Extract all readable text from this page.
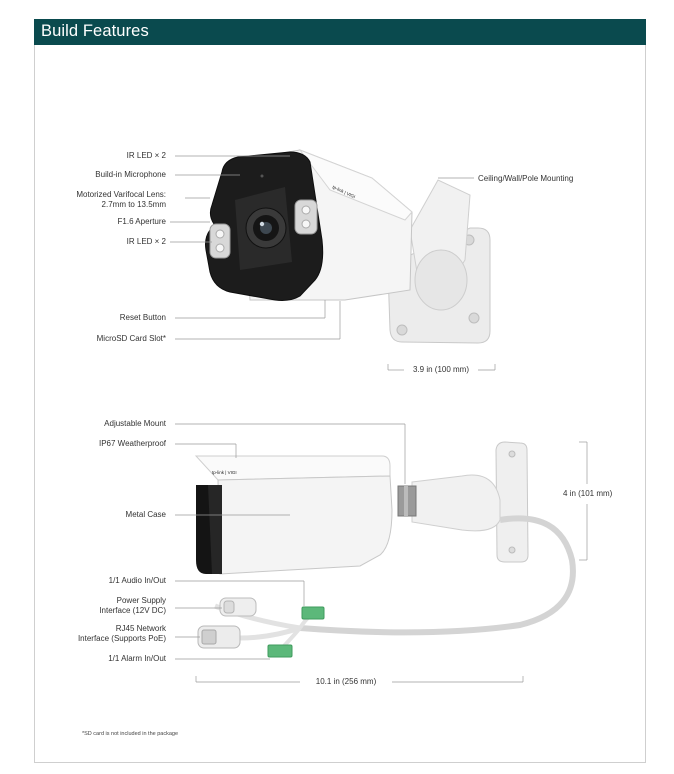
Build Features
tp-link | VIGI
tp-link | VIGI
IR LED × 2
Build-in Microphone
Motorized Varifocal Lens:
2.7mm to 13.5mm
F1.6 Aperture
IR LED × 2
Reset Button
MicroSD Card Slot*
Ceiling/Wall/Pole Mounting
3.9 in (100 mm)
Adjustable Mount
IP67 Weatherproof
Metal Case
1/1 Audio In/Out
Power Supply
Interface (12V DC)
RJ45 Network
Interface (Supports PoE)
1/1 Alarm In/Out
4 in (101 mm)
10.1 in (256 mm)
*SD card is not included in the package
